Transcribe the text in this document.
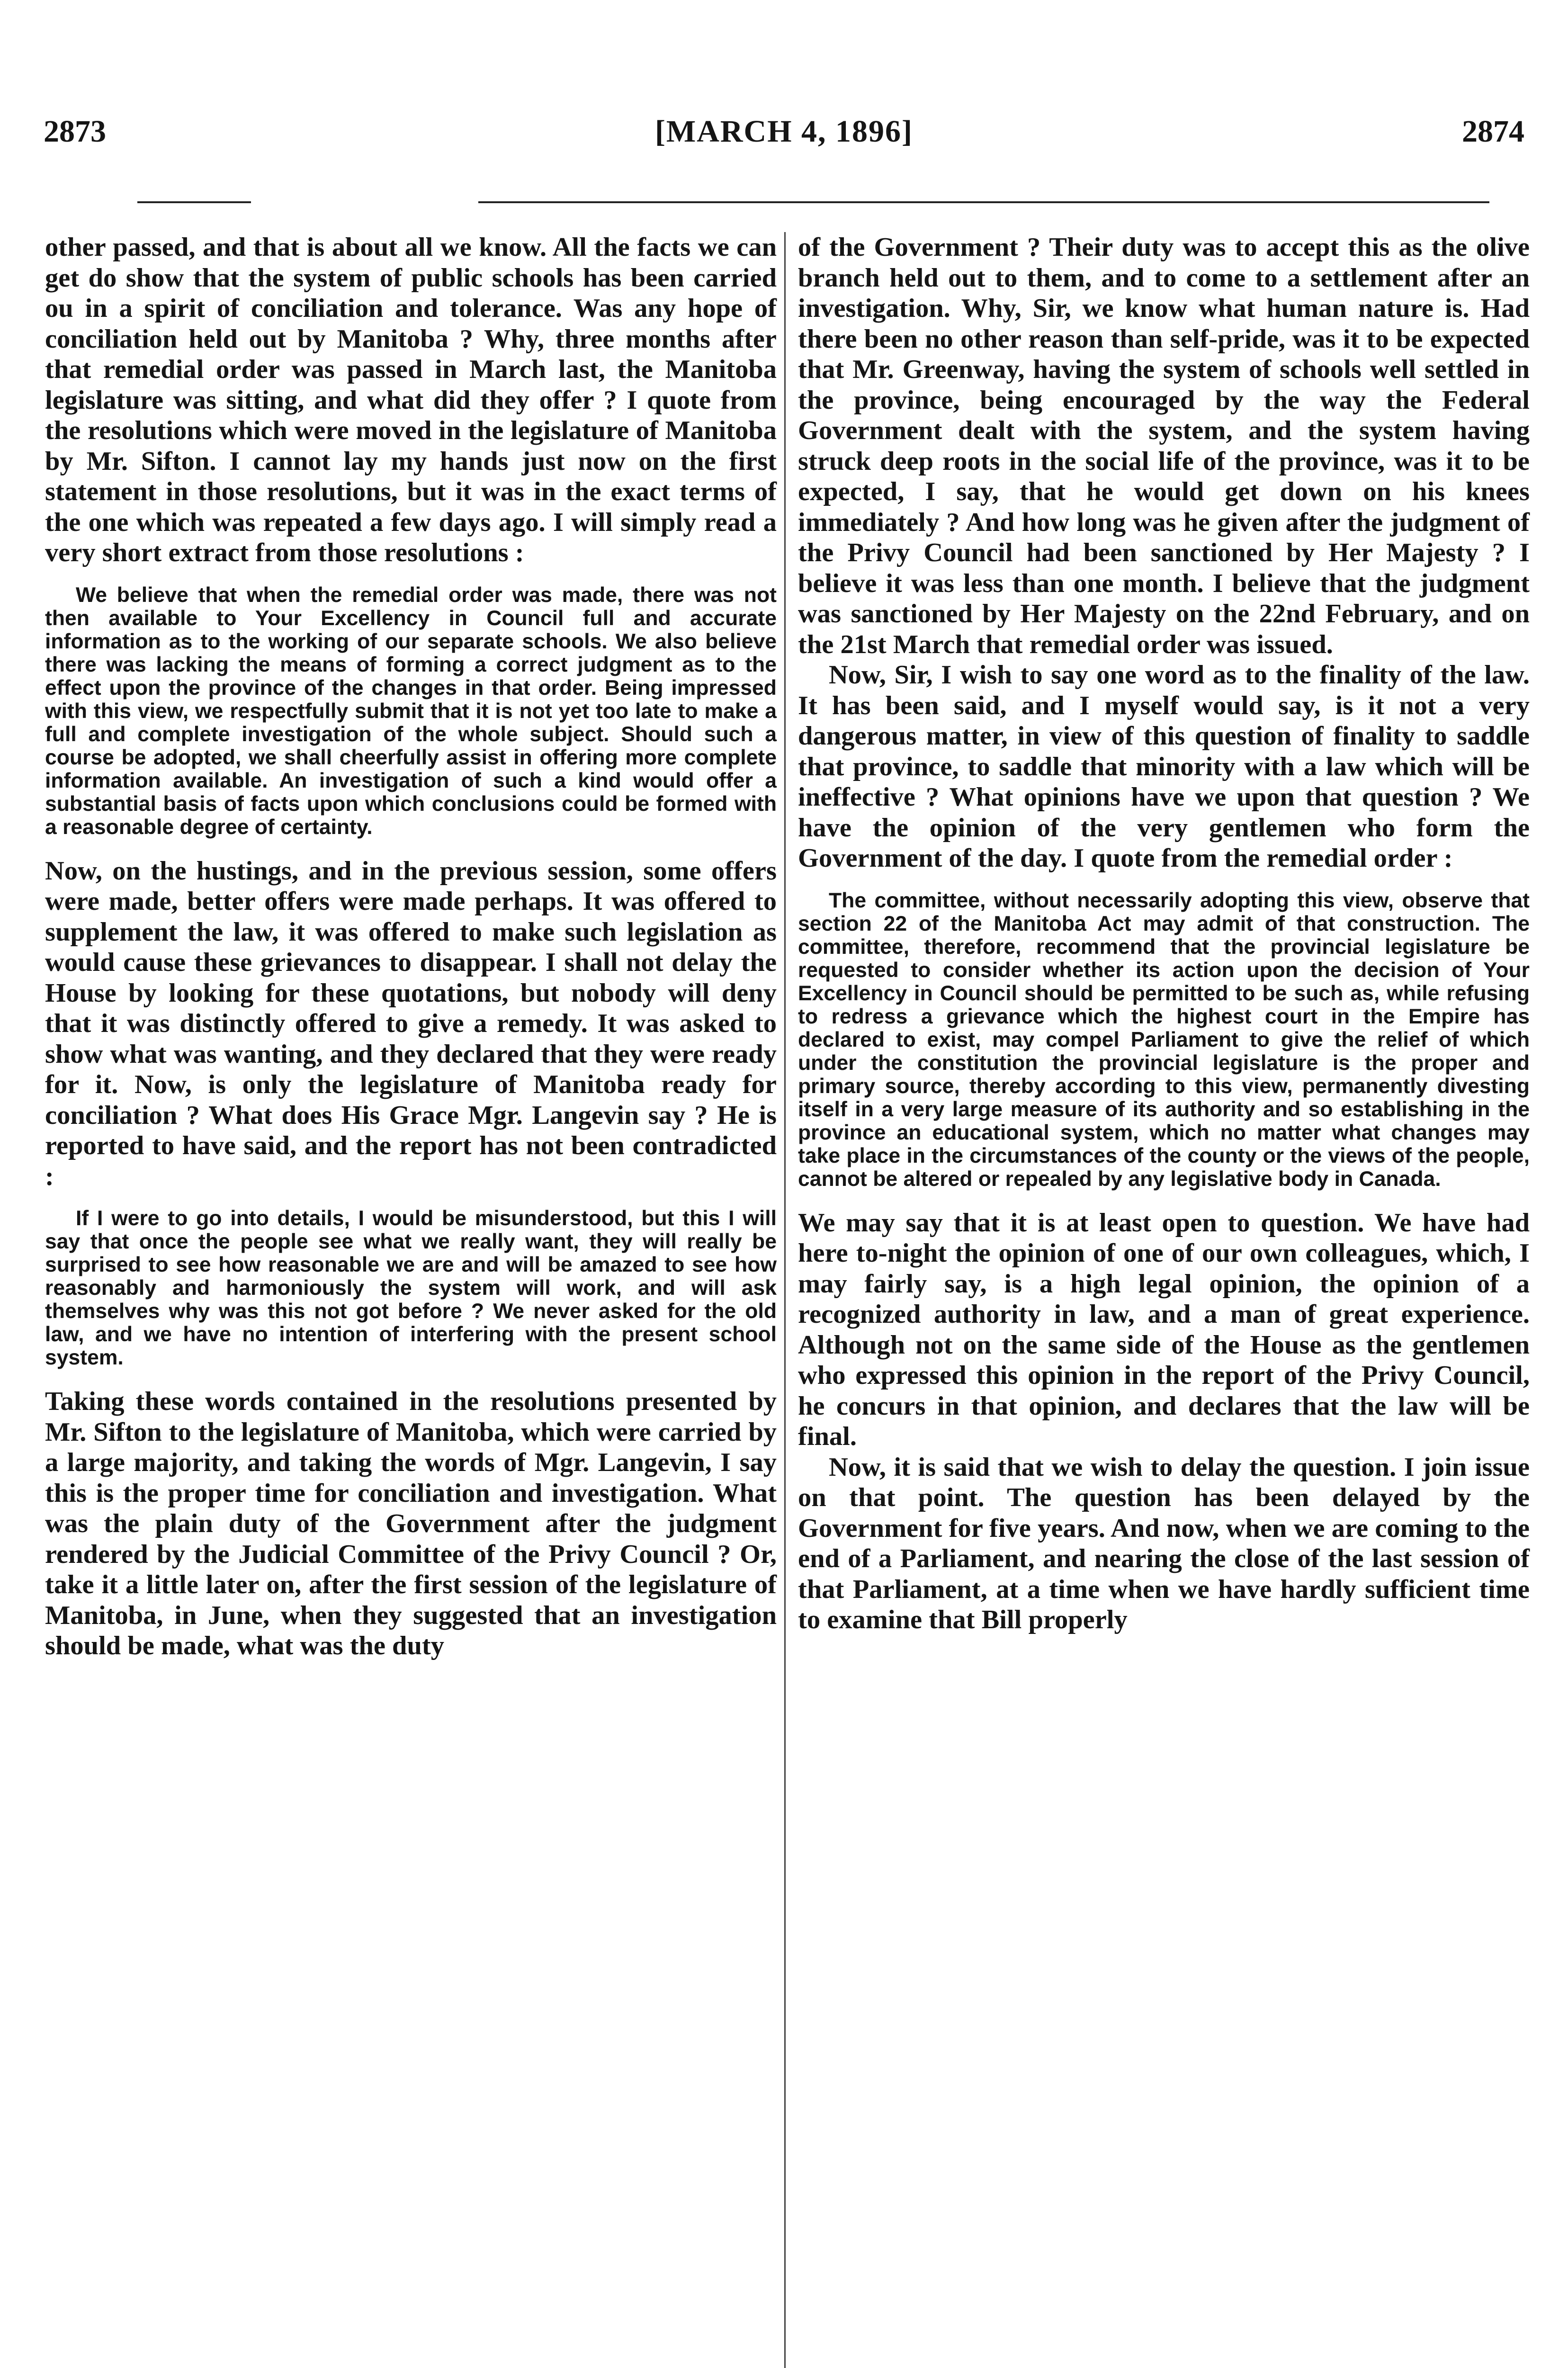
2873	[MARCH 4, 1896]	2874

other passed, and that is about all we know. All the facts we can get do show that the system of public schools has been carried ou in a spirit of conciliation and tolerance. Was any hope of conciliation held out by Manitoba ? Why, three months after that remedial order was passed in March last, the Manitoba legislature was sitting, and what did they offer ? I quote from the resolutions which were moved in the legislature of Manitoba by Mr. Sifton. I cannot lay my hands just now on the first statement in those resolutions, but it was in the exact terms of the one which was repeated a few days ago. I will simply read a very short extract from those resolutions :

We believe that when the remedial order was made, there was not then available to Your Excellency in Council full and accurate information as to the working of our separate schools. We also believe there was lacking the means of forming a correct judgment as to the effect upon the province of the changes in that order. Being impressed with this view, we respectfully submit that it is not yet too late to make a full and complete investigation of the whole subject. Should such a course be adopted, we shall cheerfully assist in offering more complete information available. An investigation of such a kind would offer a substantial basis of facts upon which conclusions could be formed with a reasonable degree of certainty.

Now, on the hustings, and in the previous session, some offers were made, better offers were made perhaps. It was offered to supplement the law, it was offered to make such legislation as would cause these grievances to disappear. I shall not delay the House by looking for these quotations, but nobody will deny that it was distinctly offered to give a remedy. It was asked to show what was wanting, and they declared that they were ready for it. Now, is only the legislature of Manitoba ready for conciliation ? What does His Grace Mgr. Langevin say ? He is reported to have said, and the report has not been contradicted :

If I were to go into details, I would be misunderstood, but this I will say that once the people see what we really want, they will really be surprised to see how reasonable we are and will be amazed to see how reasonably and harmoniously the system will work, and will ask themselves why was this not got before ? We never asked for the old law, and we have no intention of interfering with the present school system.

Taking these words contained in the resolutions presented by Mr. Sifton to the legislature of Manitoba, which were carried by a large majority, and taking the words of Mgr. Langevin, I say this is the proper time for conciliation and investigation. What was the plain duty of the Government after the judgment rendered by the Judicial Committee of the Privy Council ? Or, take it a little later on, after the first session of the legislature of Manitoba, in June, when they suggested that an investigation should be made, what was the duty

of the Government ? Their duty was to accept this as the olive branch held out to them, and to come to a settlement after an investigation. Why, Sir, we know what human nature is. Had there been no other reason than self-pride, was it to be expected that Mr. Greenway, having the system of schools well settled in the province, being encouraged by the way the Federal Government dealt with the system, and the system having struck deep roots in the social life of the province, was it to be expected, I say, that he would get down on his knees immediately ? And how long was he given after the judgment of the Privy Council had been sanctioned by Her Majesty ? I believe it was less than one month. I believe that the judgment was sanctioned by Her Majesty on the 22nd February, and on the 21st March that remedial order was issued.

Now, Sir, I wish to say one word as to the finality of the law. It has been said, and I myself would say, is it not a very dangerous matter, in view of this question of finality to saddle that province, to saddle that minority with a law which will be ineffective ? What opinions have we upon that question ? We have the opinion of the very gentlemen who form the Government of the day. I quote from the remedial order :

The committee, without necessarily adopting this view, observe that section 22 of the Manitoba Act may admit of that construction. The committee, therefore, recommend that the provincial legislature be requested to consider whether its action upon the decision of Your Excellency in Council should be permitted to be such as, while refusing to redress a grievance which the highest court in the Empire has declared to exist, may compel Parliament to give the relief of which under the constitution the provincial legislature is the proper and primary source, thereby according to this view, permanently divesting itself in a very large measure of its authority and so establishing in the province an educational system, which no matter what changes may take place in the circumstances of the county or the views of the people, cannot be altered or repealed by any legislative body in Canada.

We may say that it is at least open to question. We have had here to-night the opinion of one of our own colleagues, which, I may fairly say, is a high legal opinion, the opinion of a recognized authority in law, and a man of great experience. Although not on the same side of the House as the gentlemen who expressed this opinion in the report of the Privy Council, he concurs in that opinion, and declares that the law will be final.

Now, it is said that we wish to delay the question. I join issue on that point. The question has been delayed by the Government for five years. And now, when we are coming to the end of a Parliament, and nearing the close of the last session of that Parliament, at a time when we have hardly sufficient time to examine that Bill properly
